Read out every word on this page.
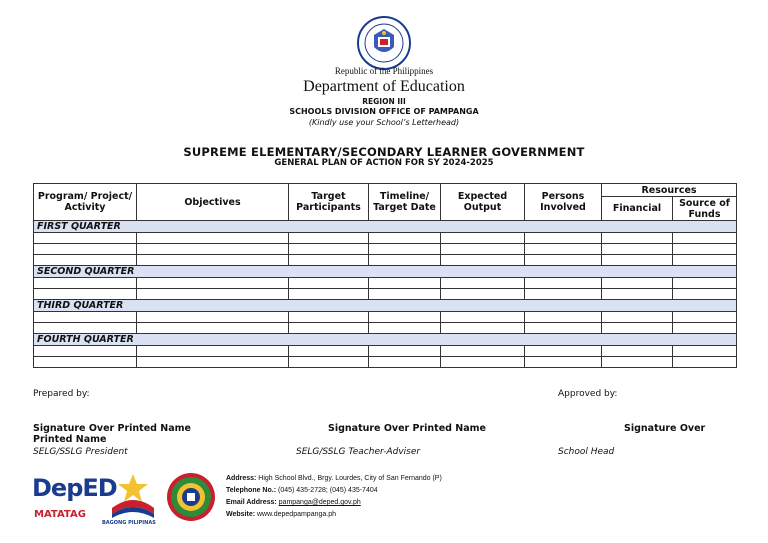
Republic of the Philippines
Department of Education
REGION III
SCHOOLS DIVISION OFFICE OF PAMPANGA
(Kindly use your School’s Letterhead)
SUPREME ELEMENTARY/SECONDARY LEARNER GOVERNMENT
GENERAL PLAN OF ACTION FOR SY 2024-2025
Program/ Project/ Activity	Objectives	Target Participants	Timeline/ Target Date	Expected Output	Persons Involved	Resources	
						Financial	Source of Funds
FIRST QUARTER							

SECOND QUARTER							

THIRD QUARTER							

FOURTH QUARTER							

Prepared by:	Approved by:
Signature Over Printed Name
Printed Name
Signature Over Printed Name	Signature Over
SELG/SSLG President	SELG/SSLG Teacher-Adviser	School Head
DepED
MATATAG
BAGONG PILIPINAS
Address: High School Blvd., Brgy. Lourdes, City of San Fernando (P)
Telephone No.: (045) 435-2728; (045) 435-7404
Email Address: pampanga@deped.gov.ph
Website: www.depedpampanga.ph
